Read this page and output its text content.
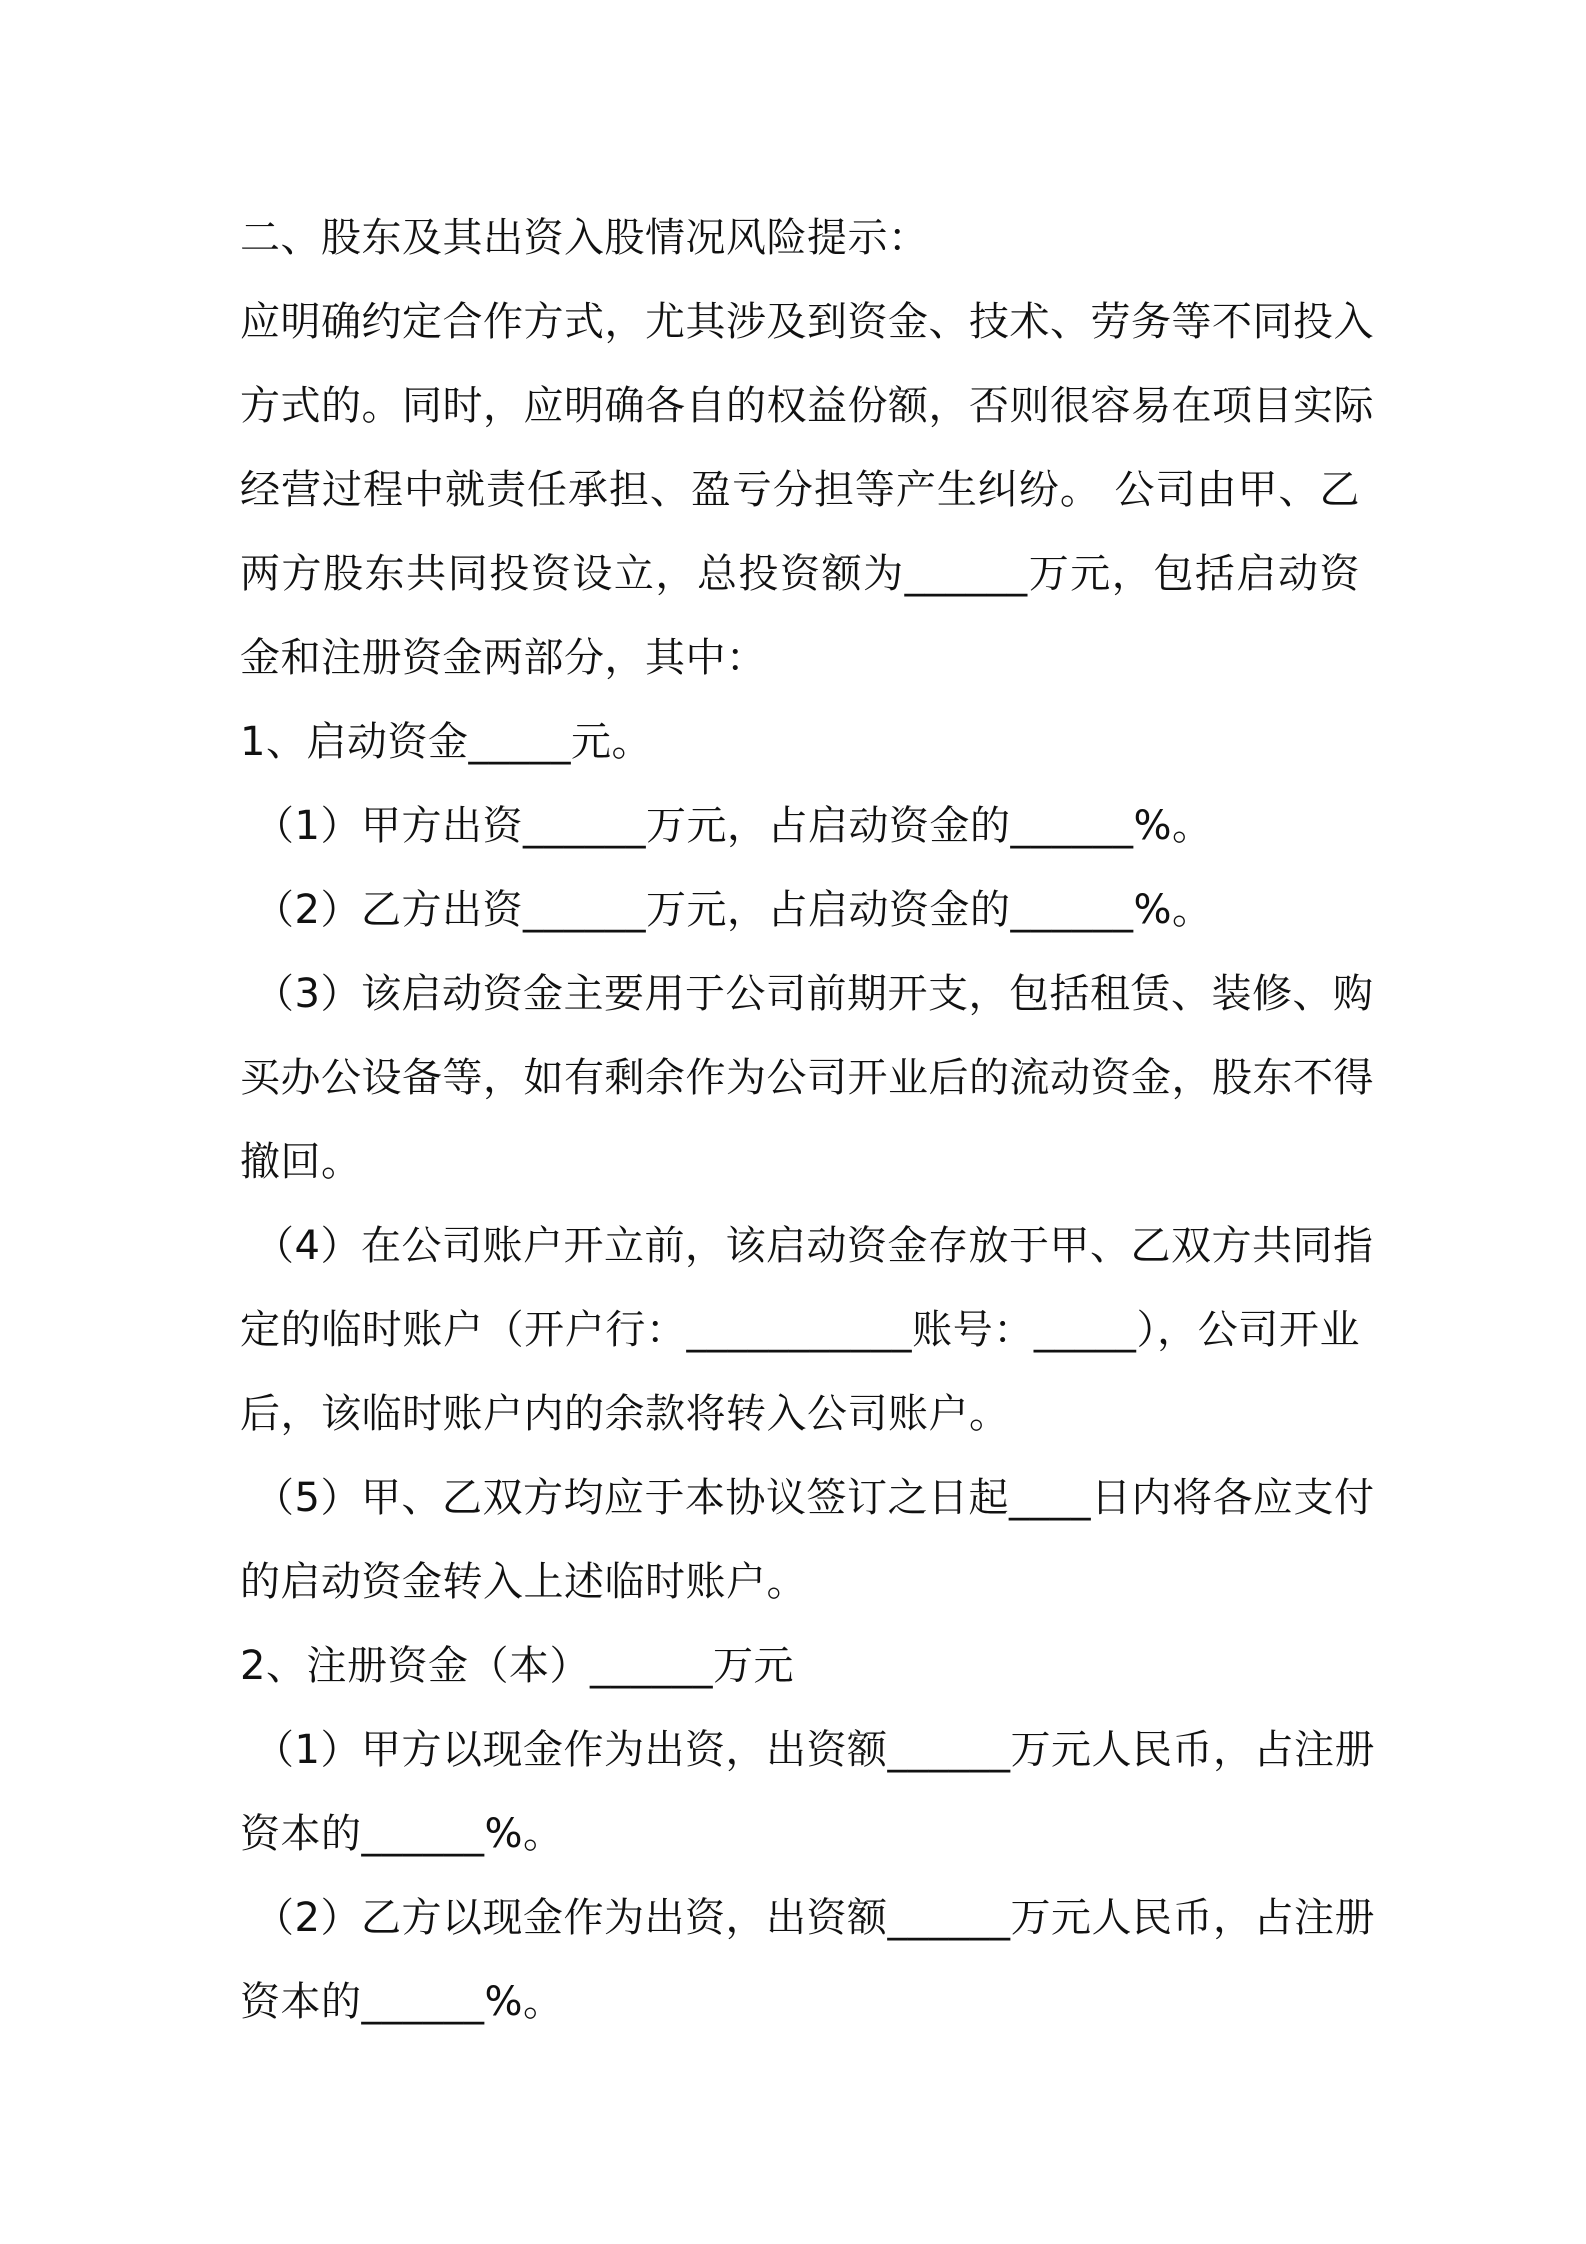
二、股东及其出资入股情况风险提示：
应明确约定合作方式，尤其涉及到资金、技术、劳务等不同投入
方式的。同时，应明确各自的权益份额，否则很容易在项目实际
经营过程中就责任承担、盈亏分担等产生纠纷。 公司由甲、乙
两方股东共同投资设立，总投资额为______万元，包括启动资
金和注册资金两部分，其中：
1、启动资金_____元。
（1）甲方出资______万元，占启动资金的______%。
（2）乙方出资______万元，占启动资金的______%。
（3）该启动资金主要用于公司前期开支，包括租赁、装修、购
买办公设备等，如有剩余作为公司开业后的流动资金，股东不得
撤回。
（4）在公司账户开立前，该启动资金存放于甲、乙双方共同指
定的临时账户（开户行：___________账号：_____），公司开业
后，该临时账户内的余款将转入公司账户。
（5）甲、乙双方均应于本协议签订之日起____日内将各应支付
的启动资金转入上述临时账户。
2、注册资金（本）______万元
（1）甲方以现金作为出资，出资额______万元人民币，占注册
资本的______%。
（2）乙方以现金作为出资，出资额______万元人民币，占注册
资本的______%。
